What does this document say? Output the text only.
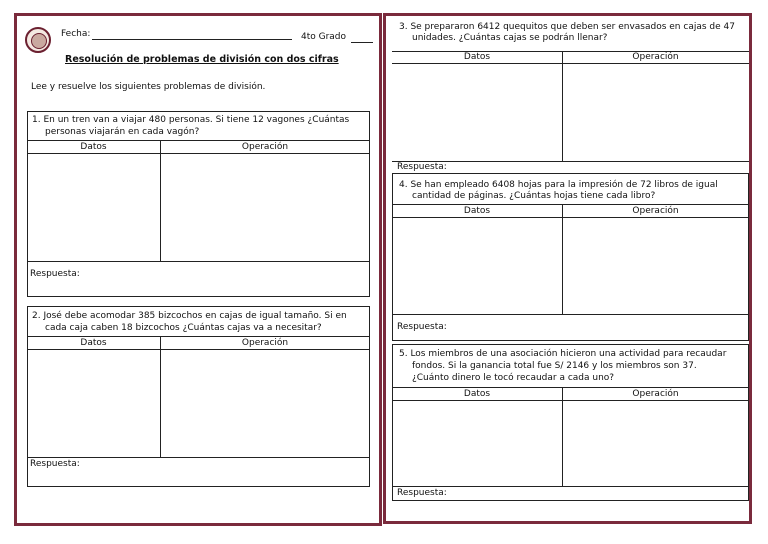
Fecha:	4to Grado
Resolución de problemas de división con dos cifras
Lee y resuelve los siguientes problemas de división.
1. En un tren van a viajar 480 personas. Si tiene 12 vagones ¿Cuántas
personas viajarán en cada vagón?
Datos	Operación
Respuesta:
2. José debe acomodar 385 bizcochos en cajas de igual tamaño. Si en
cada caja caben 18 bizcochos ¿Cuántas cajas va a necesitar?
Datos	Operación
Respuesta:
3. Se prepararon 6412 quequitos que deben ser envasados en cajas de 47
unidades. ¿Cuántas cajas se podrán llenar?
Datos	Operación
Respuesta:
4. Se han empleado 6408 hojas para la impresión de 72 libros de igual
cantidad de páginas. ¿Cuántas hojas tiene cada libro?
Datos	Operación
Respuesta:
5. Los miembros de una asociación hicieron una actividad para recaudar
fondos. Si la ganancia total fue S/ 2146 y los miembros son 37.
¿Cuánto dinero le tocó recaudar a cada uno?
Datos	Operación
Respuesta:
